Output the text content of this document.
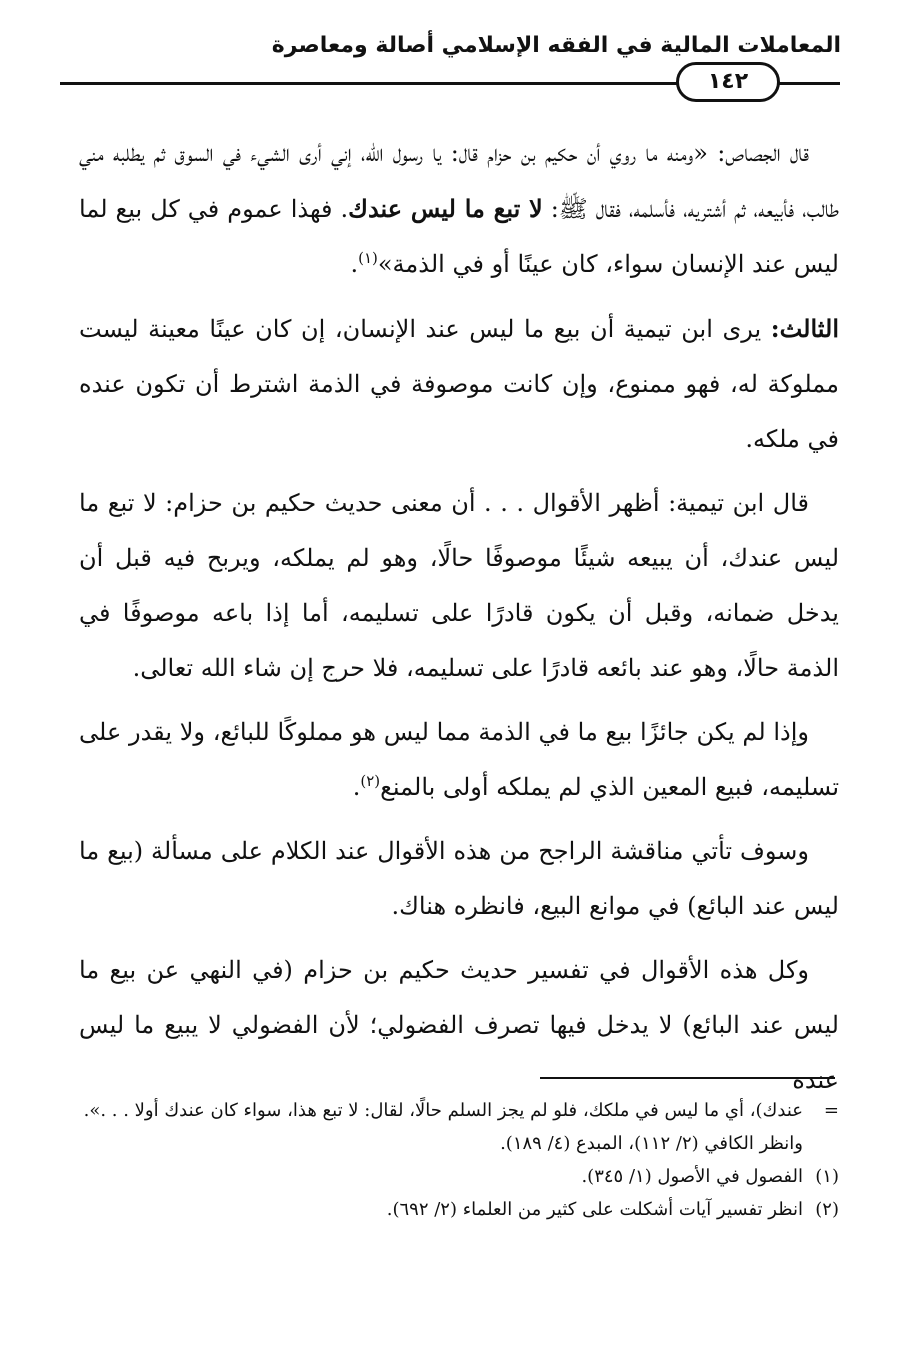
المعاملات المالية في الفقه الإسلامي أصالة ومعاصرة
١٤٢

قال الجصاص: «ومنه ما روي أن حكيم بن حزام قال: يا رسول الله، إني أرى الشيء في السوق ثم يطلبه مني طالب، فأبيعه، ثم أشتريه، فأسلمه، فقال ﷺ: لا تبع ما ليس عندك. فهذا عموم في كل بيع لما ليس عند الإنسان سواء، كان عينًا أو في الذمة»$^{(١)}$.

الثالث: يرى ابن تيمية أن بيع ما ليس عند الإنسان، إن كان عينًا معينة ليست مملوكة له، فهو ممنوع، وإن كانت موصوفة في الذمة اشترط أن تكون عنده في ملكه.

قال ابن تيمية: أظهر الأقوال . . . أن معنى حديث حكيم بن حزام: لا تبع ما ليس عندك، أن يبيعه شيئًا موصوفًا حالًا، وهو لم يملكه، ويربح فيه قبل أن يدخل ضمانه، وقبل أن يكون قادرًا على تسليمه، أما إذا باعه موصوفًا في الذمة حالًا، وهو عند بائعه قادرًا على تسليمه، فلا حرج إن شاء الله تعالى.

وإذا لم يكن جائزًا بيع ما في الذمة مما ليس هو مملوكًا للبائع، ولا يقدر على تسليمه، فبيع المعين الذي لم يملكه أولى بالمنع$^{(٢)}$.

وسوف تأتي مناقشة الراجح من هذه الأقوال عند الكلام على مسألة (بيع ما ليس عند البائع) في موانع البيع، فانظره هناك.

وكل هذه الأقوال في تفسير حديث حكيم بن حزام (في النهي عن بيع ما ليس عند البائع) لا يدخل فيها تصرف الفضولي؛ لأن الفضولي لا يبيع ما ليس عنده

=عندك)، أي ما ليس في ملكك، فلو لم يجز السلم حالًا، لقال: لا تبع هذا، سواء كان عندك أولا . . .».

وانظر الكافي (٢/ ١١٢)، المبدع (٤/ ١٨٩).

(١)الفصول في الأصول (١/ ٣٤٥).

(٢)انظر تفسير آيات أشكلت على كثير من العلماء (٢/ ٦٩٢).
